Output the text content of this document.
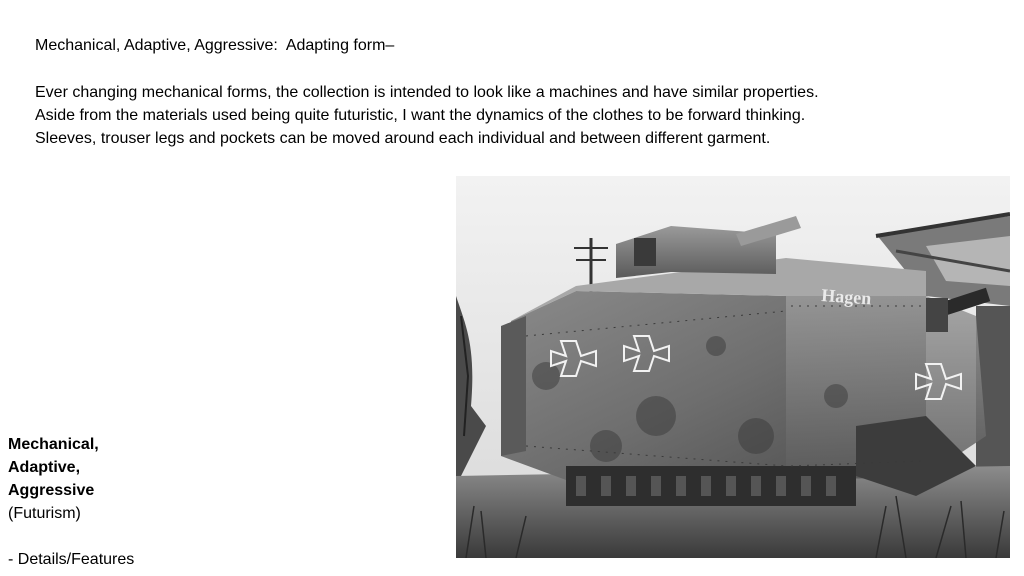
Mechanical, Adaptive, Aggressive:  Adapting form–

Ever changing mechanical forms, the collection is intended to look like a machines and have similar properties.

Aside from the materials used being quite futuristic, I want the dynamics of the clothes to be forward thinking.

Sleeves, trouser legs and pockets can be moved around each individual and between different garment.

Mechanical,
Adaptive,
Aggressive
(Futurism)
- Details/Features
Hagen
